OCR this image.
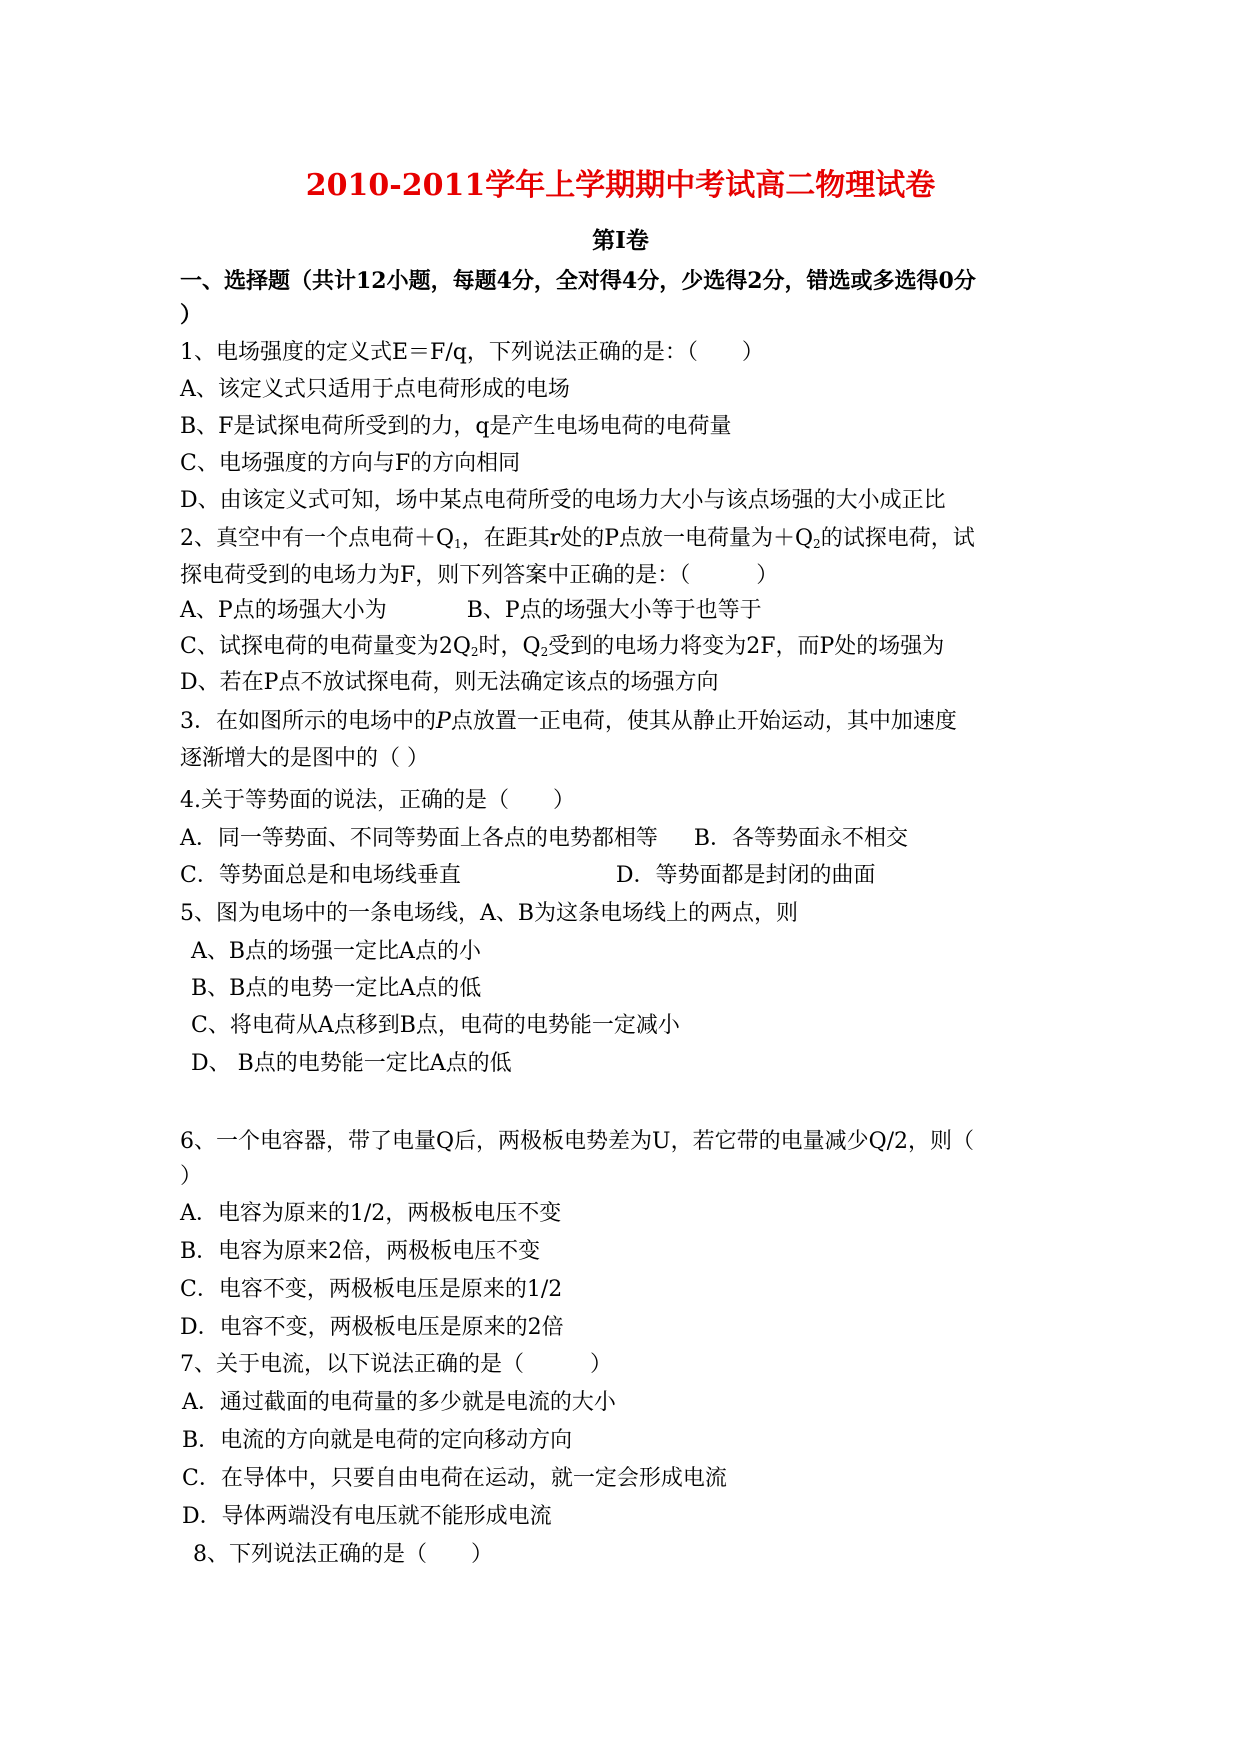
2010-2011学年上学期期中考试高二物理试卷
第Ⅰ卷
一、选择题（共计12小题，每题4分，全对得4分，少选得2分，错选或多选得0分
）
1、电场强度的定义式E＝F/q，下列说法正确的是：（　　）
A、该定义式只适用于点电荷形成的电场
B、F是试探电荷所受到的力，q是产生电场电荷的电荷量
C、电场强度的方向与F的方向相同
D、由该定义式可知，场中某点电荷所受的电场力大小与该点场强的大小成正比
2、真空中有一个点电荷$+Q_1$，在距其r处的P点放一电荷量为$+Q_2$的试探电荷，试
探电荷受到的电场力为F，则下列答案中正确的是：（　　　）
A、P点的场强大小为	B、P点的场强大小等于也等于
C、试探电荷的电荷量变为$2Q_2$时，$Q_2$受到的电场力将变为2F，而P处的场强为
D、若在P点不放试探电荷，则无法确定该点的场强方向
3．在如图所示的电场中的P点放置一正电荷，使其从静止开始运动，其中加速度
逐渐增大的是图中的（ ）
4.关于等势面的说法，正确的是（　　）
A．同一等势面、不同等势面上各点的电势都相等 B．各等势面永不相交
C．等势面总是和电场线垂直	D．等势面都是封闭的曲面
5、图为电场中的一条电场线，A、B为这条电场线上的两点，则
A、B点的场强一定比A点的小
B、B点的电势一定比A点的低
C、将电荷从A点移到B点，电荷的电势能一定减小
D、 B点的电势能一定比A点的低
6、一个电容器，带了电量Q后，两极板电势差为U，若它带的电量减少Q/2，则（
）
A．电容为原来的1/2，两极板电压不变
B．电容为原来2倍，两极板电压不变
C．电容不变，两极板电压是原来的1/2
D．电容不变，两极板电压是原来的2倍
7、关于电流，以下说法正确的是（　　　）
A．通过截面的电荷量的多少就是电流的大小
B．电流的方向就是电荷的定向移动方向
C．在导体中，只要自由电荷在运动，就一定会形成电流
D．导体两端没有电压就不能形成电流
8、下列说法正确的是（　　）
